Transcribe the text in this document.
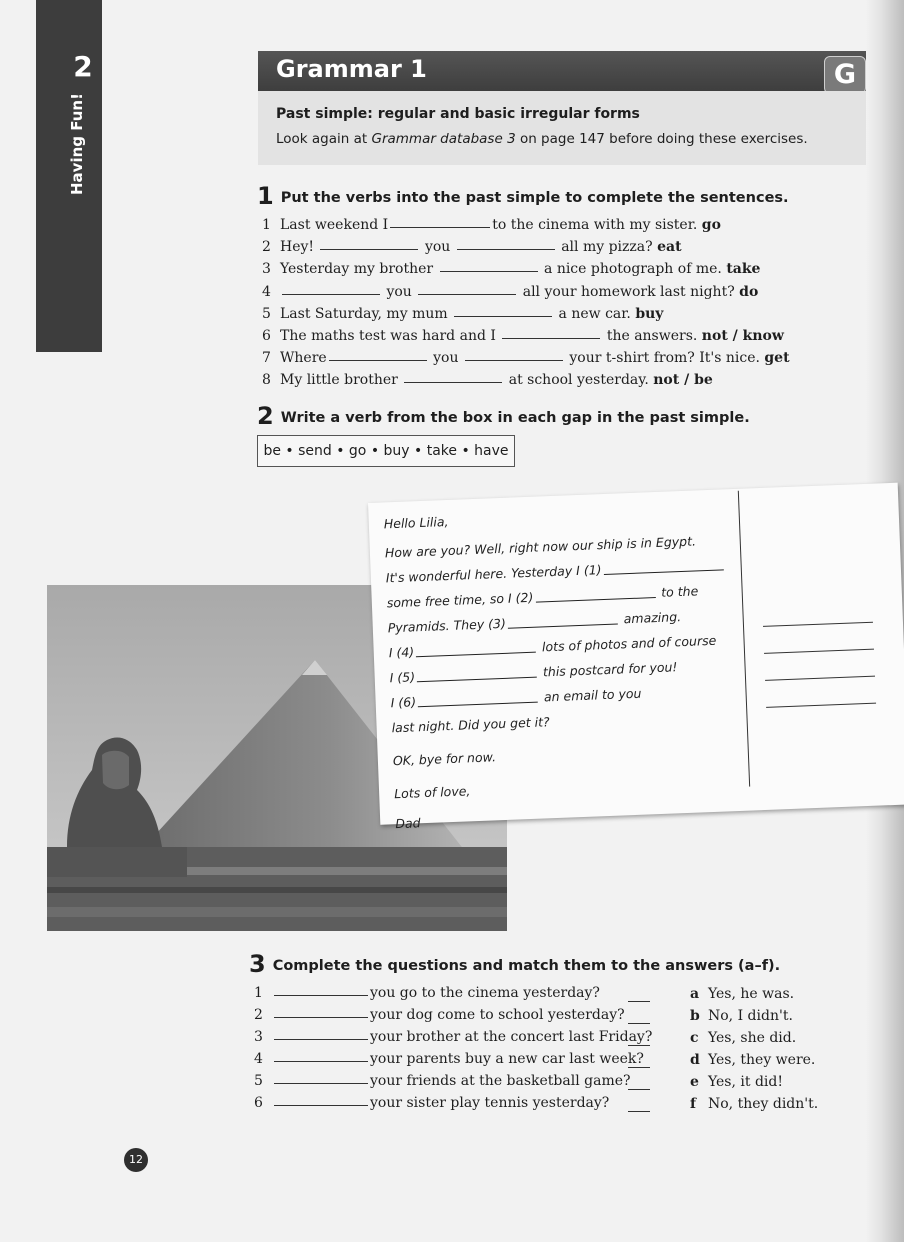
2
Having Fun!
Grammar 1	G
Past simple: regular and basic irregular forms
Look again at Grammar database 3 on page 147 before doing these exercises.
1 Put the verbs into the past simple to complete the sentences.
1 Last weekend I	to the cinema with my sister. go
2 Hey!	you	all my pizza? eat
3 Yesterday my brother	a nice photograph of me. take
4	you	all your homework last night? do
5 Last Saturday, my mum	a new car. buy
6 The maths test was hard and I	the answers. not / know
7 Where	you	your t-shirt from? It's nice. get
8 My little brother	at school yesterday. not / be
2 Write a verb from the box in each gap in the past simple.
be • send • go • buy • take • have
Hello Lilia,
How are you? Well, right now our ship is in Egypt.
It's wonderful here. Yesterday I (1)
some free time, so I (2)	to the
Pyramids. They (3)	amazing.
I (4)	lots of photos and of course
I (5)	this postcard for you!
I (6)	an email to you
last night. Did you get it?
OK, bye for now.
Lots of love,
Dad
3 Complete the questions and match them to the answers (a–f).
1	you go to the cinema yesterday?
2	your dog come to school yesterday?
3	your brother at the concert last Friday?
4	your parents buy a new car last week?
5	your friends at the basketball game?
6	your sister play tennis yesterday?
a Yes, he was.
b No, I didn't.
c Yes, she did.
d Yes, they were.
e Yes, it did!
f No, they didn't.
12
